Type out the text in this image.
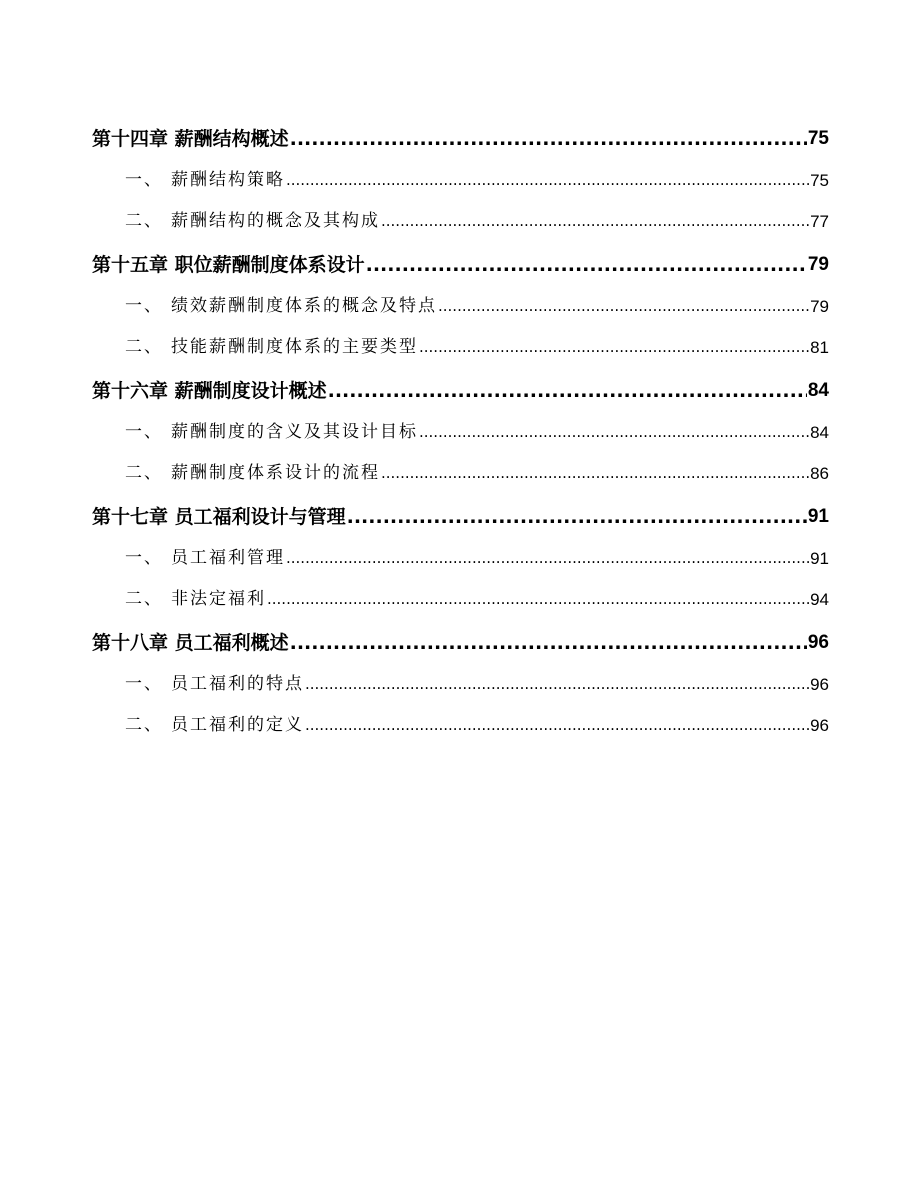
第十四章 薪酬结构概述 .....	75
一、 薪酬结构策略 .....	75
二、 薪酬结构的概念及其构成 .....	77
第十五章 职位薪酬制度体系设计 .....	79
一、 绩效薪酬制度体系的概念及特点 .....	79
二、 技能薪酬制度体系的主要类型 .....	81
第十六章 薪酬制度设计概述 .....	84
一、 薪酬制度的含义及其设计目标 .....	84
二、 薪酬制度体系设计的流程 .....	86
第十七章 员工福利设计与管理 .....	91
一、 员工福利管理 .....	91
二、 非法定福利 .....	94
第十八章 员工福利概述 .....	96
一、 员工福利的特点 .....	96
二、 员工福利的定义 .....	96
